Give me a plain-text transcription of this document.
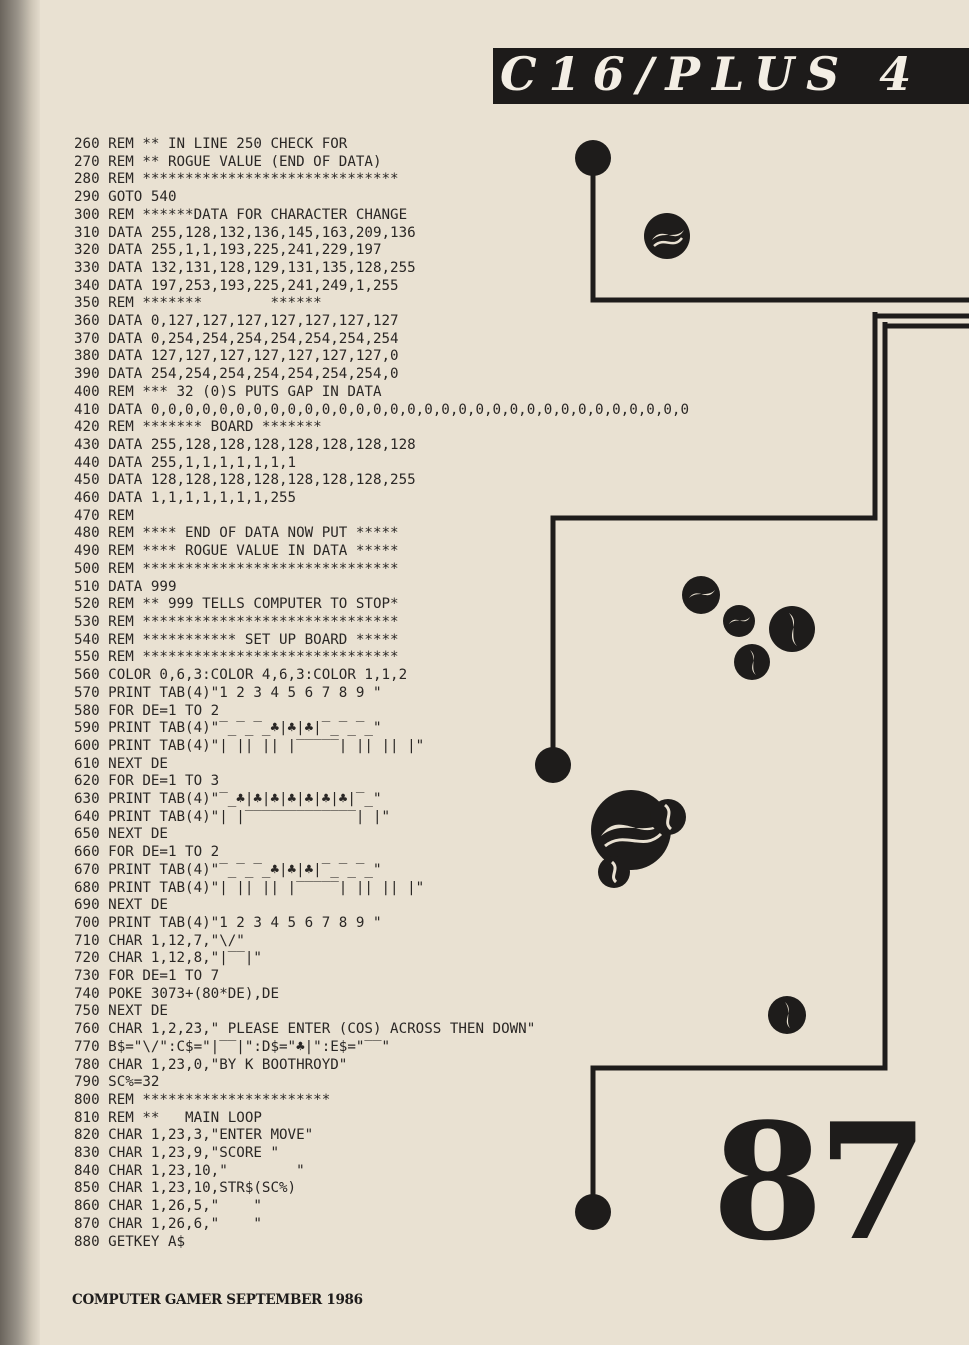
C16/PLUS 4
260 REM ** IN LINE 250 CHECK FOR
270 REM ** ROGUE VALUE (END OF DATA)
280 REM ******************************
290 GOTO 540
300 REM ******DATA FOR CHARACTER CHANGE
310 DATA 255,128,132,136,145,163,209,136
320 DATA 255,1,1,193,225,241,229,197
330 DATA 132,131,128,129,131,135,128,255
340 DATA 197,253,193,225,241,249,1,255
350 REM *******        ******
360 DATA 0,127,127,127,127,127,127,127
370 DATA 0,254,254,254,254,254,254,254
380 DATA 127,127,127,127,127,127,127,0
390 DATA 254,254,254,254,254,254,254,0
400 REM *** 32 (0)S PUTS GAP IN DATA
410 DATA 0,0,0,0,0,0,0,0,0,0,0,0,0,0,0,0,0,0,0,0,0,0,0,0,0,0,0,0,0,0,0,0
420 REM ******* BOARD *******
430 DATA 255,128,128,128,128,128,128,128
440 DATA 255,1,1,1,1,1,1,1
450 DATA 128,128,128,128,128,128,128,255
460 DATA 1,1,1,1,1,1,1,255
470 REM
480 REM **** END OF DATA NOW PUT *****
490 REM **** ROGUE VALUE IN DATA *****
500 REM ******************************
510 DATA 999
520 REM ** 999 TELLS COMPUTER TO STOP*
530 REM ******************************
540 REM *********** SET UP BOARD *****
550 REM ******************************
560 COLOR 0,6,3:COLOR 4,6,3:COLOR 1,1,2
570 PRINT TAB(4)"1 2 3 4 5 6 7 8 9 "
580 FOR DE=1 TO 2
590 PRINT TAB(4)"‾_‾_‾_♣|♣|♣|‾_‾_‾_"
600 PRINT TAB(4)"| || || |‾‾‾‾‾| || || |"
610 NEXT DE
620 FOR DE=1 TO 3
630 PRINT TAB(4)"‾_♣|♣|♣|♣|♣|♣|♣|‾_"
640 PRINT TAB(4)"| |‾‾‾‾‾‾‾‾‾‾‾‾‾| |"
650 NEXT DE
660 FOR DE=1 TO 2
670 PRINT TAB(4)"‾_‾_‾_♣|♣|♣|‾_‾_‾_"
680 PRINT TAB(4)"| || || |‾‾‾‾‾| || || |"
690 NEXT DE
700 PRINT TAB(4)"1 2 3 4 5 6 7 8 9 "
710 CHAR 1,12,7,"\/"
720 CHAR 1,12,8,"|‾‾|"
730 FOR DE=1 TO 7
740 POKE 3073+(80*DE),DE
750 NEXT DE
760 CHAR 1,2,23," PLEASE ENTER (COS) ACROSS THEN DOWN"
770 B$="\/":C$="|‾‾|":D$="♣|":E$="‾‾"
780 CHAR 1,23,0,"BY K BOOTHROYD"
790 SC%=32
800 REM **********************
810 REM **   MAIN LOOP
820 CHAR 1,23,3,"ENTER MOVE"
830 CHAR 1,23,9,"SCORE "
840 CHAR 1,23,10,"        "
850 CHAR 1,23,10,STR$(SC%)
860 CHAR 1,26,5,"    "
870 CHAR 1,26,6,"    "
880 GETKEY A$	87
COMPUTER GAMER SEPTEMBER 1986
